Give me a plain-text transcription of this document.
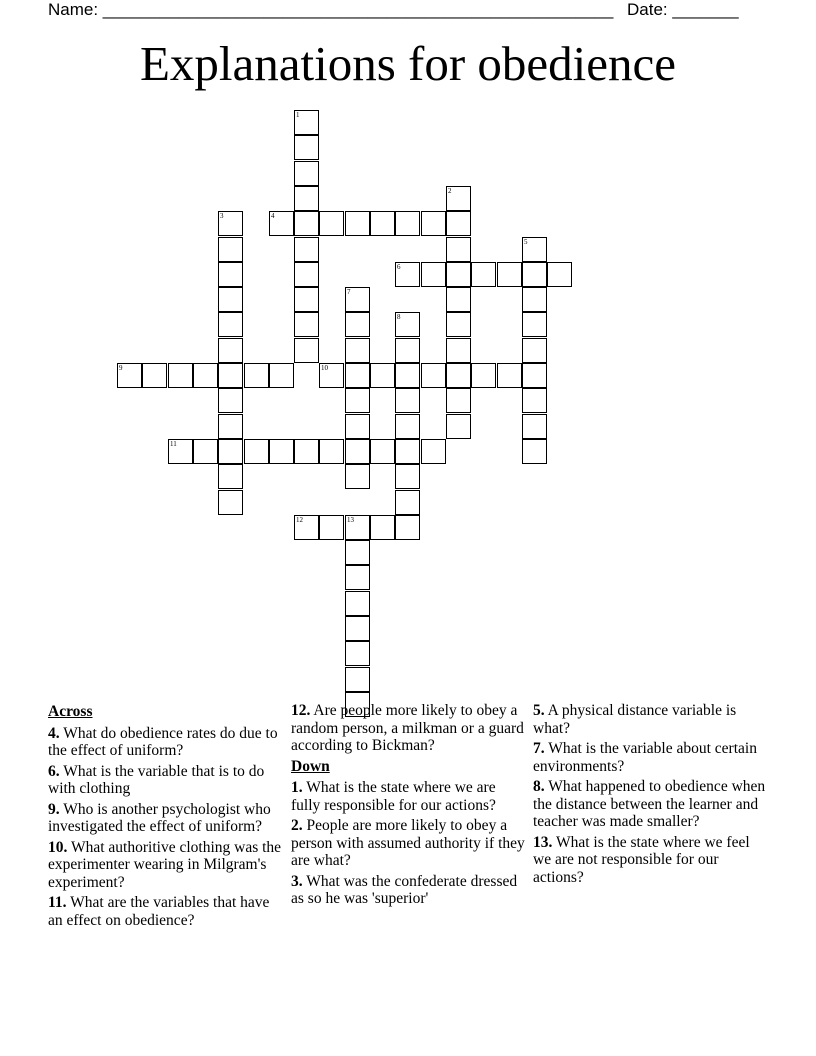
Name: ______________________________________________________ Date: _______
Explanations for obedience
1
2
3	4
5
6
7
8
9	10
11
12	13
Across
4. What do obedience rates do due to the effect of uniform?
6. What is the variable that is to do with clothing
9. Who is another psychologist who investigated the effect of uniform?
10. What authoritive clothing was the experimenter wearing in Milgram's experiment?
11. What are the variables that have an effect on obedience?
12. Are people more likely to obey a random person, a milkman or a guard according to Bickman?
Down
1. What is the state where we are fully responsible for our actions?
2. People are more likely to obey a person with assumed authority if they are what?
3. What was the confederate dressed as so he was 'superior'
5. A physical distance variable is what?
7. What is the variable about certain environments?
8. What happened to obedience when the distance between the learner and teacher was made smaller?
13. What is the state where we feel we are not responsible for our actions?
